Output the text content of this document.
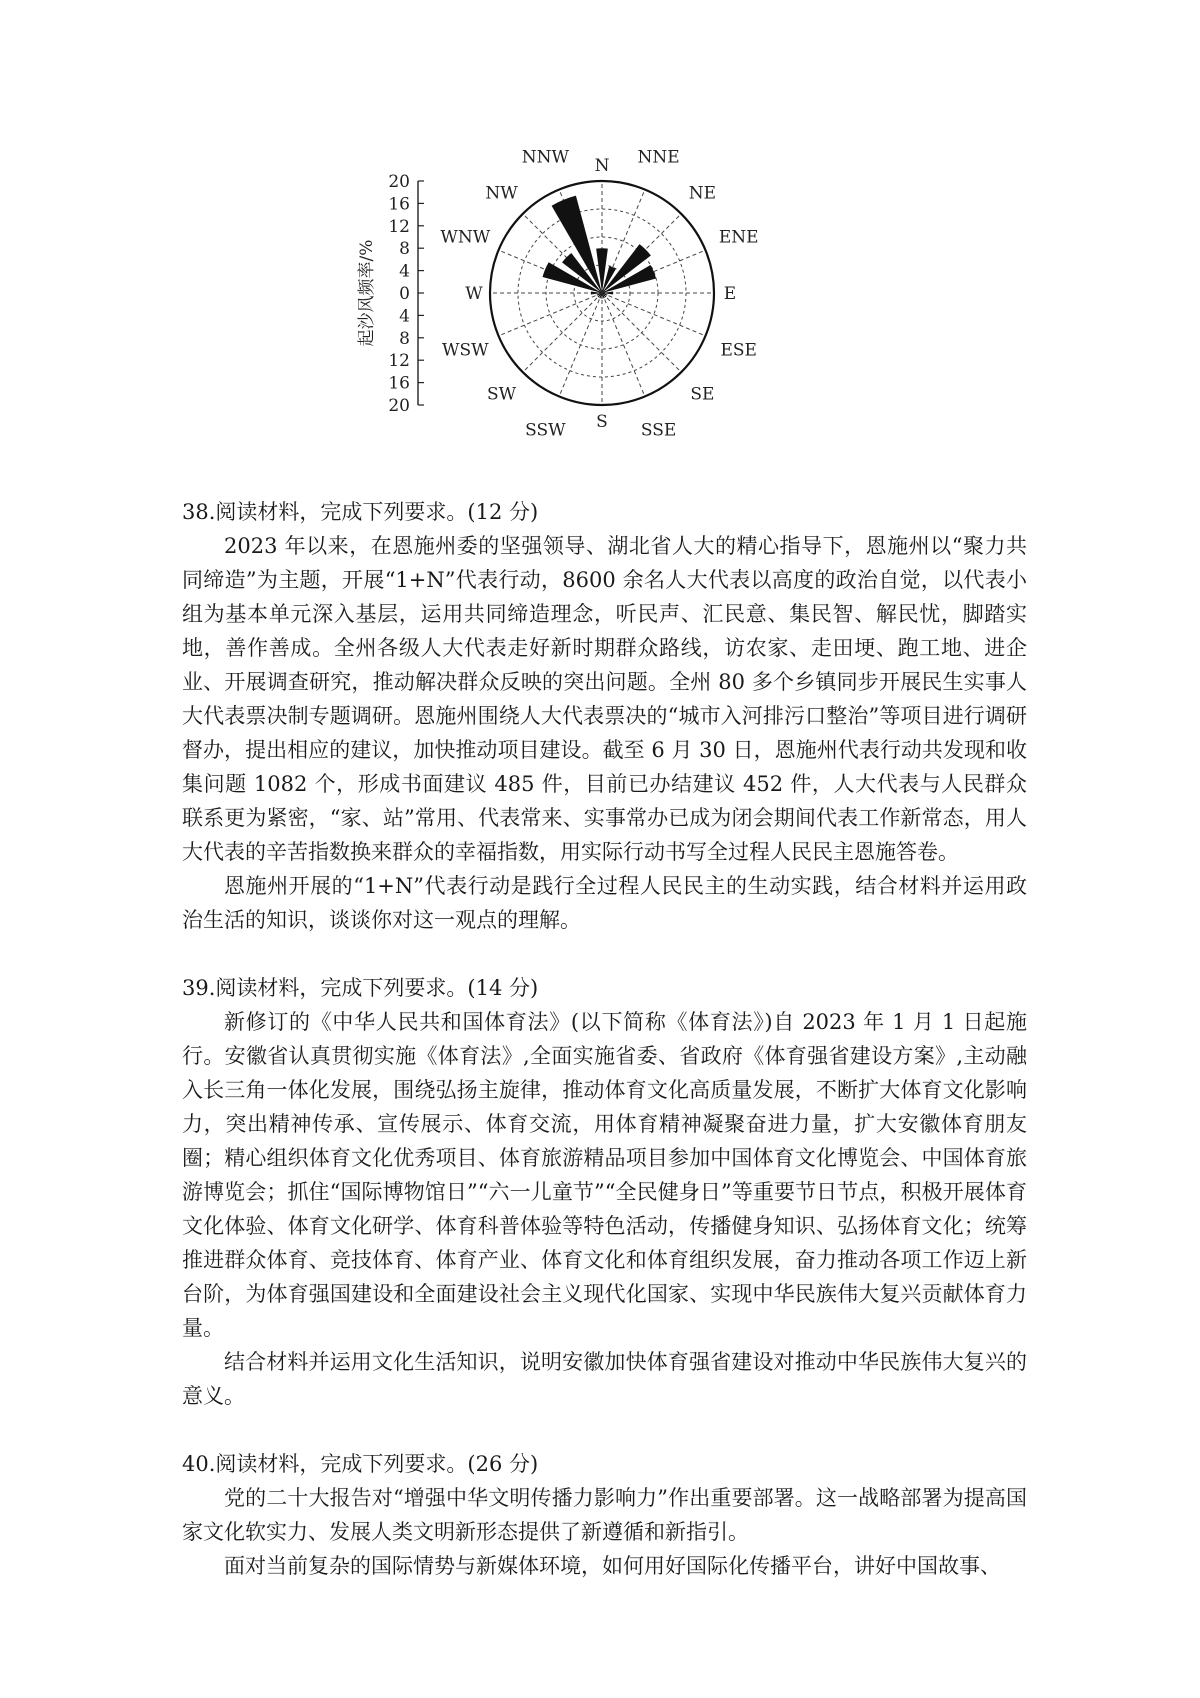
起沙风频率/%
20
16
12
8
4
0
4
8
12
16
20
N NNE
NE
ENE
E
ESE
SE
SSE
S
SSW
SW
WSW
W
WNW
NW
NNW

38.阅读材料，完成下列要求。(12 分)

2023 年以来，在恩施州委的坚强领导、湖北省人大的精心指导下，恩施州以“聚力共同缔造”为主题，开展“1+N”代表行动，8600 余名人大代表以高度的政治自觉，以代表小组为基本单元深入基层，运用共同缔造理念，听民声、汇民意、集民智、解民忧，脚踏实地，善作善成。全州各级人大代表走好新时期群众路线，访农家、走田埂、跑工地、进企业、开展调查研究，推动解决群众反映的突出问题。全州 80 多个乡镇同步开展民生实事人大代表票决制专题调研。恩施州围绕人大代表票决的“城市入河排污口整治”等项目进行调研督办，提出相应的建议，加快推动项目建设。截至 6 月 30 日，恩施州代表行动共发现和收集问题 1082 个，形成书面建议 485 件，目前已办结建议 452 件，人大代表与人民群众联系更为紧密，“家、站”常用、代表常来、实事常办已成为闭会期间代表工作新常态，用人大代表的辛苦指数换来群众的幸福指数，用实际行动书写全过程人民民主恩施答卷。

恩施州开展的“1+N”代表行动是践行全过程人民民主的生动实践，结合材料并运用政治生活的知识，谈谈你对这一观点的理解。

39.阅读材料，完成下列要求。(14 分)

新修订的《中华人民共和国体育法》(以下简称《体育法》)自 2023 年 1 月 1 日起施行。安徽省认真贯彻实施《体育法》,全面实施省委、省政府《体育强省建设方案》,主动融入长三角一体化发展，围绕弘扬主旋律，推动体育文化高质量发展，不断扩大体育文化影响力，突出精神传承、宣传展示、体育交流，用体育精神凝聚奋进力量，扩大安徽体育朋友圈；精心组织体育文化优秀项目、体育旅游精品项目参加中国体育文化博览会、中国体育旅游博览会；抓住“国际博物馆日”“六一儿童节”“全民健身日”等重要节日节点，积极开展体育文化体验、体育文化研学、体育科普体验等特色活动，传播健身知识、弘扬体育文化；统筹推进群众体育、竞技体育、体育产业、体育文化和体育组织发展，奋力推动各项工作迈上新台阶，为体育强国建设和全面建设社会主义现代化国家、实现中华民族伟大复兴贡献体育力量。

结合材料并运用文化生活知识，说明安徽加快体育强省建设对推动中华民族伟大复兴的意义。

40.阅读材料，完成下列要求。(26 分)

党的二十大报告对“增强中华文明传播力影响力”作出重要部署。这一战略部署为提高国家文化软实力、发展人类文明新形态提供了新遵循和新指引。

面对当前复杂的国际情势与新媒体环境，如何用好国际化传播平台，讲好中国故事、
